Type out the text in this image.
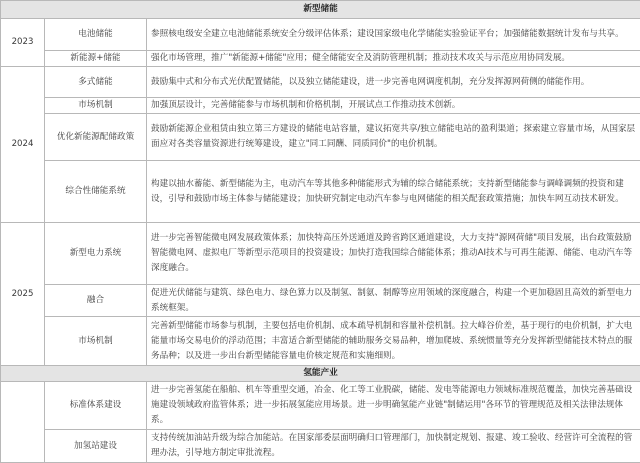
新型储能		
2023	电池储能	参照核电级安全建立电池储能系统安全分级评估体系；建设国家级电化学储能实验验证平台；加强储能数据统计发布与共享。
	新能源+储能	强化市场管理，推广"新能源+储能"应用；健全储能安全及消防管理机制；推动技术攻关与示范应用协同发展。
2024	多式储能	鼓励集中式和分布式光伏配置储能，以及独立储能建设，进一步完善电网调度机制，充分发挥源网荷侧的储能作用。
	市场机制	加强顶层设计，完善储能参与市场机制和价格机制，开展试点工作推动技术创新。
	优化新能源配储政策	鼓励新能源企业租赁由独立第三方建设的储能电站容量，建议拓宽共享/独立储能电站的盈利渠道；探索建立容量市场，从国家层面应对各类容量资源进行统筹建设，建立"同工同酬、同质同价"的电价机制。
	综合性储能系统	构建以抽水蓄能、新型储能为主，电动汽车等其他多种储能形式为辅的综合储能系统；支持新型储能参与调峰调频的投资和建设，引导和鼓励市场主体参与储能建设；加快研究制定电动汽车参与电网储能的相关配套政策措施；加快车网互动技术研发。
2025	新型电力系统	进一步完善智能微电网发展政策体系；加快特高压外送通道及跨省跨区通道建设，大力支持"源网荷储"项目发展，出台政策鼓励智能微电网、虚拟电厂等新型示范项目的投资建设；加快打造我国综合储能体系；推动AI技术与可再生能源、储能、电动汽车等深度融合。
	融合	促进光伏储能与建筑、绿色电力、绿色算力以及制氢、制氨、制醇等应用领域的深度融合，构建一个更加稳固且高效的新型电力系统框架。
	市场机制	完善新型储能市场参与机制，主要包括电价机制、成本疏导机制和容量补偿机制。拉大峰谷价差，基于现行的电价机制，扩大电能量市场交易电价的浮动范围；丰富适合新型储能的辅助服务交易品种，增加爬坡、系统惯量等充分发挥新型储能技术特点的服务品种；以及进一步出台新型储能容量电价核定规范和实施细则。
氢能产业		
	标准体系建设	进一步完善氢能在船舶、机车等重型交通，冶金、化工等工业脱碳，储能、发电等能源电力领域标准规范覆盖，加快完善基础设施建设领域政府监管体系；进一步拓展氢能应用场景。进一步明确氢能产业链"制储运用"各环节的管理规范及相关法律法规体系。
	加氢站建设	支持传统加油站升级为综合加能站。在国家部委层面明确归口管理部门，加快制定规划、报建、竣工验收、经营许可全流程的管理办法，引导地方制定审批流程。
